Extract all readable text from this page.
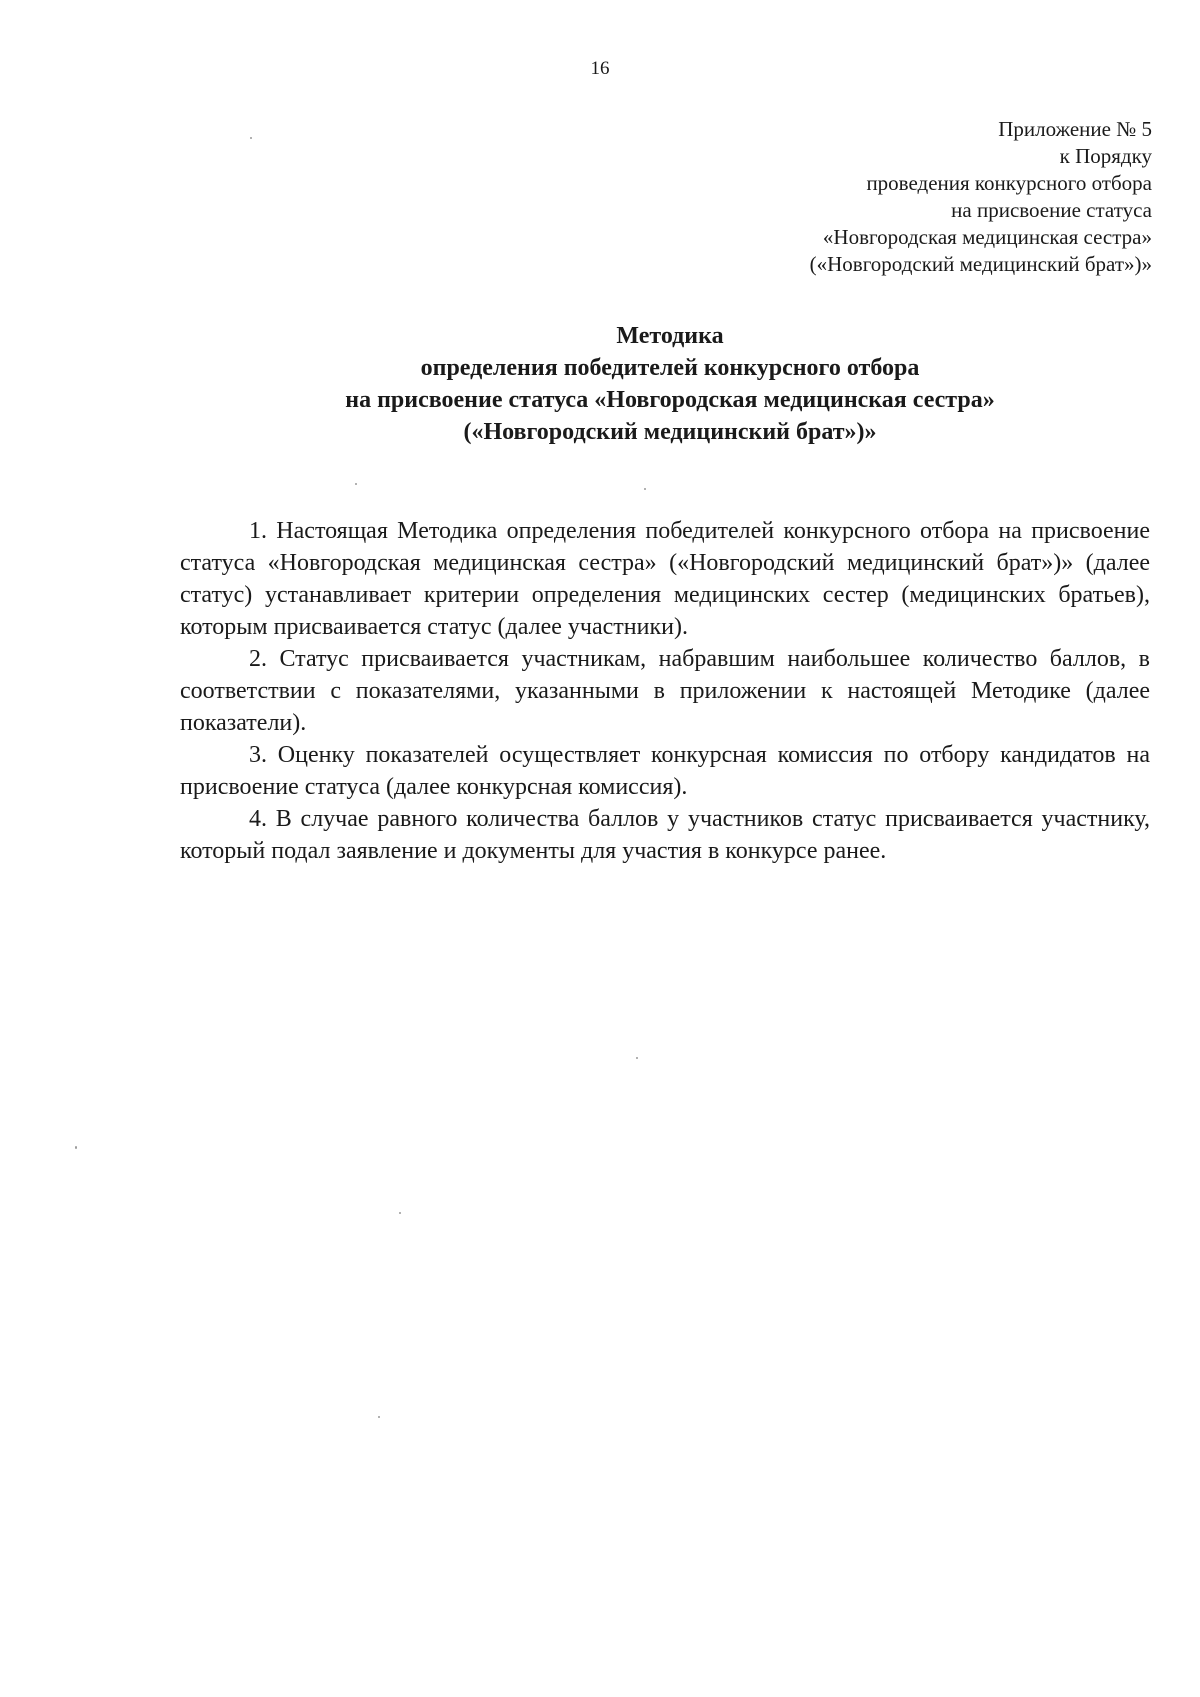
16
Приложение № 5
к Порядку
проведения конкурсного отбора
на присвоение статуса
«Новгородская медицинская сестра»
(«Новгородский медицинский брат»)»
Методика
определения победителей конкурсного отбора
на присвоение статуса «Новгородская медицинская сестра»
(«Новгородский медицинский брат»)»

1. Настоящая Методика определения победителей конкурсного отбора на присвоение статуса «Новгородская медицинская сестра» («Новгородский медицинский брат»)» (далее статус) устанавливает критерии определения медицинских сестер (медицинских братьев), которым присваивается статус (далее участники).

2. Статус присваивается участникам, набравшим наибольшее количество баллов, в соответствии с показателями, указанными в приложении к настоящей Методике (далее показатели).

3. Оценку показателей осуществляет конкурсная комиссия по отбору кандидатов на присвоение статуса (далее конкурсная комиссия).

4. В случае равного количества баллов у участников статус присваивается участнику, который подал заявление и документы для участия в конкурсе ранее.
